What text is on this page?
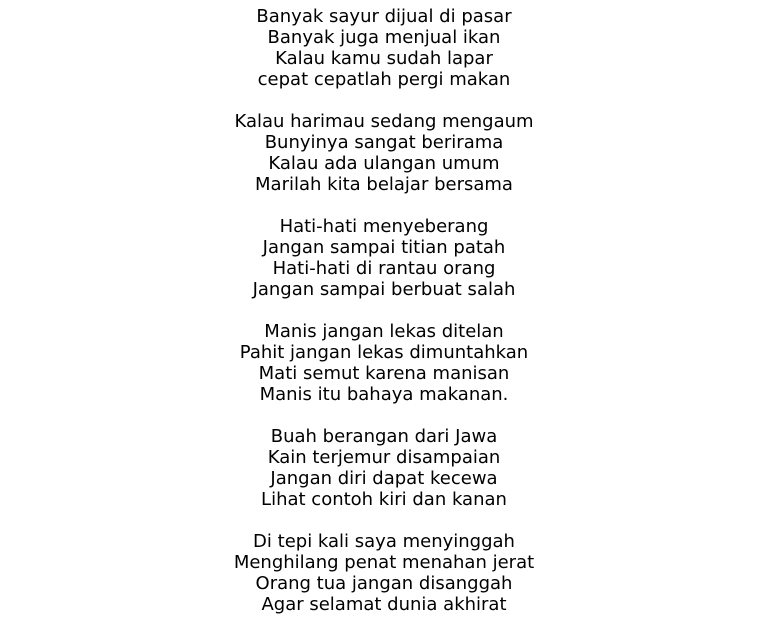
Banyak sayur dijual di pasar
Banyak juga menjual ikan
Kalau kamu sudah lapar
cepat cepatlah pergi makan
Kalau harimau sedang mengaum
Bunyinya sangat berirama
Kalau ada ulangan umum
Marilah kita belajar bersama
Hati-hati menyeberang
Jangan sampai titian patah
Hati-hati di rantau orang
Jangan sampai berbuat salah
Manis jangan lekas ditelan
Pahit jangan lekas dimuntahkan
Mati semut karena manisan
Manis itu bahaya makanan.
Buah berangan dari Jawa
Kain terjemur disampaian
Jangan diri dapat kecewa
Lihat contoh kiri dan kanan
Di tepi kali saya menyinggah
Menghilang penat menahan jerat
Orang tua jangan disanggah
Agar selamat dunia akhirat
